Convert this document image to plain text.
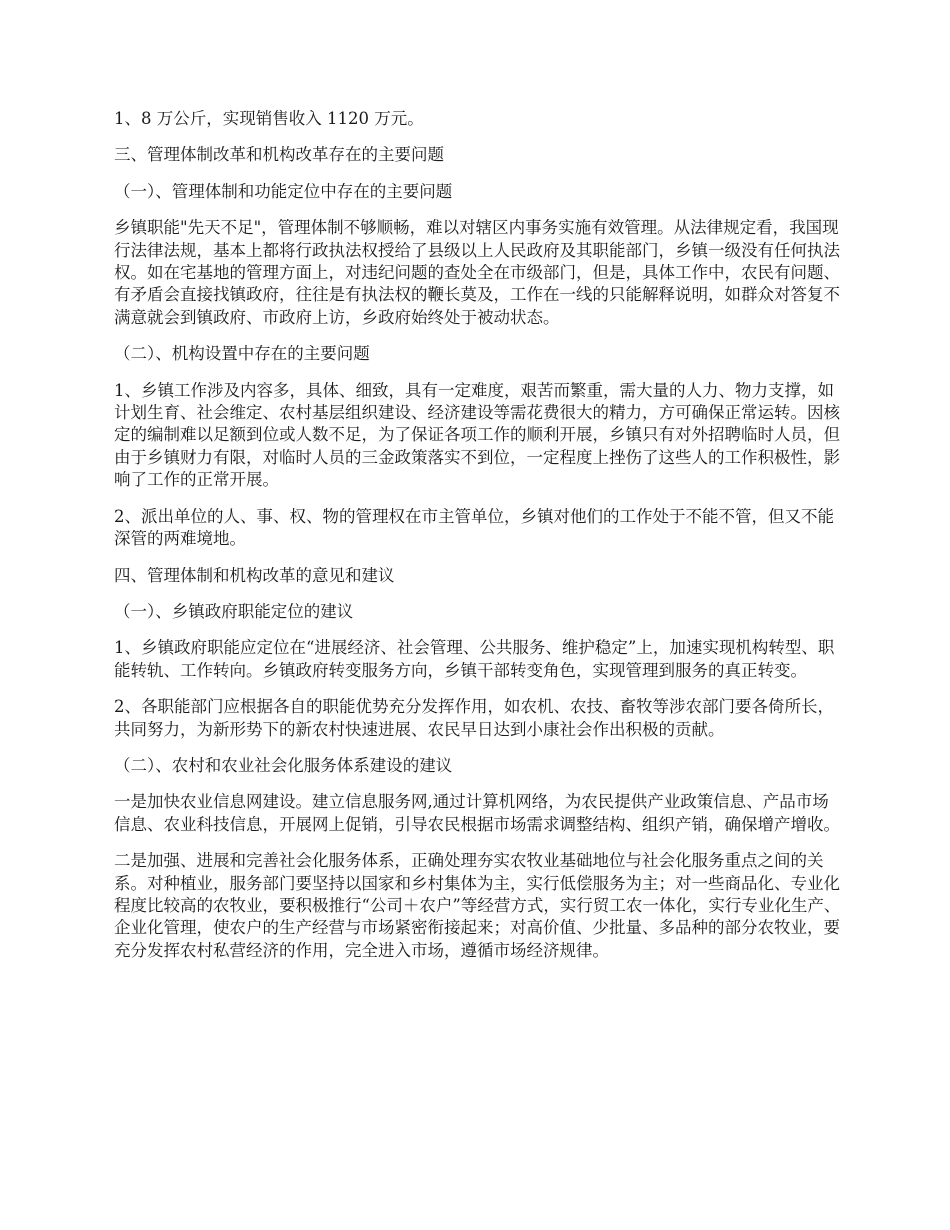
1、8 万公斤，实现销售收入 1120 万元。

三、管理体制改革和机构改革存在的主要问题

（一）、管理体制和功能定位中存在的主要问题

乡镇职能"先天不足"，管理体制不够顺畅，难以对辖区内事务实施有效管理。从法律规定看，我国现行法律法规，基本上都将行政执法权授给了县级以上人民政府及其职能部门，乡镇一级没有任何执法权。如在宅基地的管理方面上，对违纪问题的查处全在市级部门，但是，具体工作中，农民有问题、有矛盾会直接找镇政府，往往是有执法权的鞭长莫及，工作在一线的只能解释说明，如群众对答复不满意就会到镇政府、市政府上访，乡政府始终处于被动状态。

（二）、机构设置中存在的主要问题

1、乡镇工作涉及内容多，具体、细致，具有一定难度，艰苦而繁重，需大量的人力、物力支撑，如计划生育、社会维定、农村基层组织建设、经济建设等需花费很大的精力，方可确保正常运转。因核定的编制难以足额到位或人数不足，为了保证各项工作的顺利开展，乡镇只有对外招聘临时人员，但由于乡镇财力有限，对临时人员的三金政策落实不到位，一定程度上挫伤了这些人的工作积极性，影响了工作的正常开展。

2、派出单位的人、事、权、物的管理权在市主管单位，乡镇对他们的工作处于不能不管，但又不能深管的两难境地。

四、管理体制和机构改革的意见和建议

（一）、乡镇政府职能定位的建议

1、乡镇政府职能应定位在“进展经济、社会管理、公共服务、维护稳定”上，加速实现机构转型、职能转轨、工作转向。乡镇政府转变服务方向，乡镇干部转变角色，实现管理到服务的真正转变。

2、各职能部门应根据各自的职能优势充分发挥作用，如农机、农技、畜牧等涉农部门要各倚所长，共同努力，为新形势下的新农村快速进展、农民早日达到小康社会作出积极的贡献。

（二）、农村和农业社会化服务体系建设的建议

一是加快农业信息网建设。建立信息服务网,通过计算机网络，为农民提供产业政策信息、产品市场信息、农业科技信息，开展网上促销，引导农民根据市场需求调整结构、组织产销，确保增产增收。

二是加强、进展和完善社会化服务体系，正确处理夯实农牧业基础地位与社会化服务重点之间的关系。对种植业，服务部门要坚持以国家和乡村集体为主，实行低偿服务为主；对一些商品化、专业化程度比较高的农牧业，要积极推行“公司＋农户”等经营方式，实行贸工农一体化，实行专业化生产、企业化管理，使农户的生产经营与市场紧密衔接起来；对高价值、少批量、多品种的部分农牧业，要充分发挥农村私营经济的作用，完全进入市场，遵循市场经济规律。
